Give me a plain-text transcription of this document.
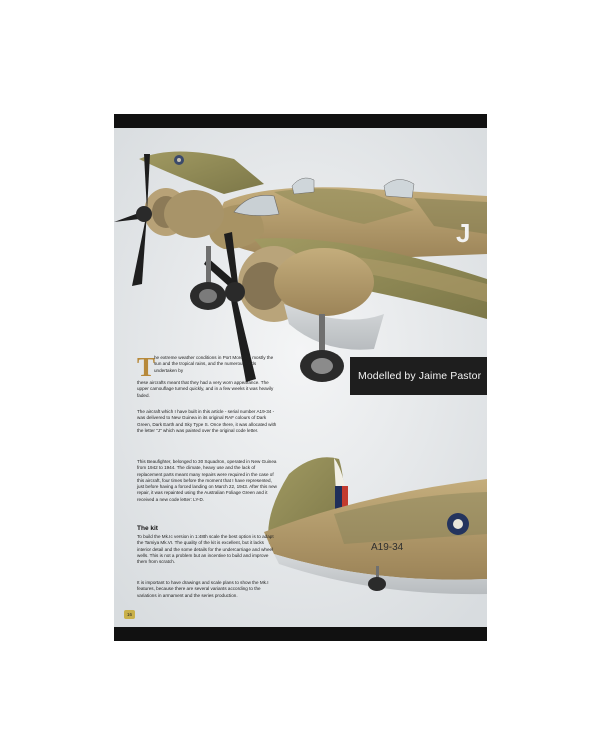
J
A19-34
Modelled by Jaime Pastor
T
he extreme weather conditions in Port Moresby, mostly the sun and the tropical rains, and the numerous raids undertaken by
these aircrafts meant that they had a very worn appearance. The upper camouflage turned quickly, and in a few weeks it was heavily faded.
The aircraft which I have built in this article - serial number A19-34 - was delivered to New Guinea in its original RAF colours of Dark Green, Dark Earth and Sky Type S. Once there, it was allocated with the letter "J" which was painted over the original code letter.
This Beaufighter, belonged to 30 Squadron, operated in New Guinea from 1942 to 1944. The climate, heavy use and the lack of replacement parts meant many repairs were required in the case of this aircraft, four times before the moment that I have represented, just before having a forced landing on March 22, 1943. After this new repair, it was repainted using the Australian Foliage Green and it received a new code letter: LY-D.
The kit
To build the Mk.Ic version in 1:48th scale the best option is to adapt the Tamiya Mk.VI. The quality of the kit is excellent, but it lacks interior detail and the some details for the undercarriage and wheel wells. This is not a problem but an incentive to build and improve them from scratch.
It is important to have drawings and scale plans to show the Mk.I features, because there are several variants according to the variations in armament and the series production.
16
